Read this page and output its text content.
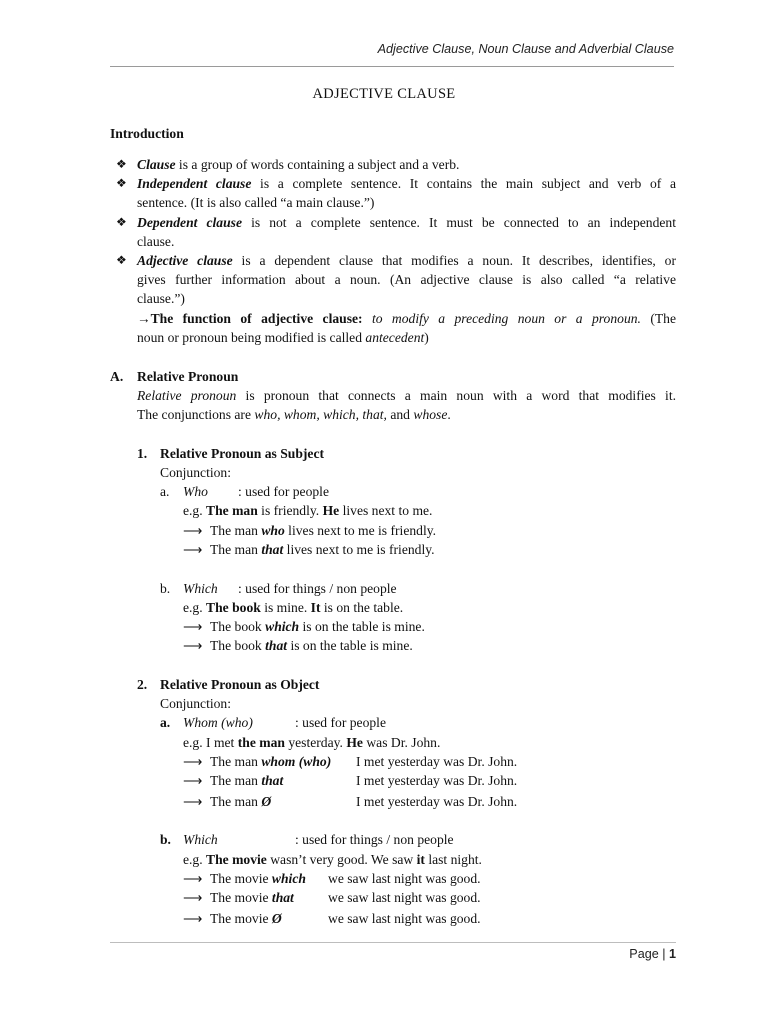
Adjective Clause, Noun Clause and Adverbial Clause
ADJECTIVE CLAUSE
Introduction
❖ Clause is a group of words containing a subject and a verb.
❖ Independent clause is a complete sentence. It contains the main subject and verb of a
sentence. (It is also called “a main clause.”)
❖ Dependent clause is not a complete sentence. It must be connected to an independent
clause.
❖ Adjective clause is a dependent clause that modifies a noun. It describes, identifies, or
gives further information about a noun. (An adjective clause is also called “a relative
clause.”)
→The function of adjective clause: to modify a preceding noun or a pronoun. (The
noun or pronoun being modified is called antecedent)
A. Relative Pronoun
Relative pronoun is pronoun that connects a main noun with a word that modifies it.
The conjunctions are who, whom, which, that, and whose.
1. Relative Pronoun as Subject
Conjunction:
a. Who : used for people
e.g. The man is friendly. He lives next to me.
⟶ The man who lives next to me is friendly.
⟶ The man that lives next to me is friendly.
b. Which : used for things / non people
e.g. The book is mine. It is on the table.
⟶ The book which is on the table is mine.
⟶ The book that is on the table is mine.
2. Relative Pronoun as Object
Conjunction:
a. Whom (who)	: used for people
e.g. I met the man yesterday. He was Dr. John.
⟶ The man whom (who) I met yesterday was Dr. John.
⟶ The man that	I met yesterday was Dr. John.
⟶ The man Ø	I met yesterday was Dr. John.
b. Which	: used for things / non people
e.g. The movie wasn’t very good. We saw it last night.
⟶ The movie which we saw last night was good.
⟶ The movie that	we saw last night was good.
⟶ The movie Ø	we saw last night was good.
Page | 1
